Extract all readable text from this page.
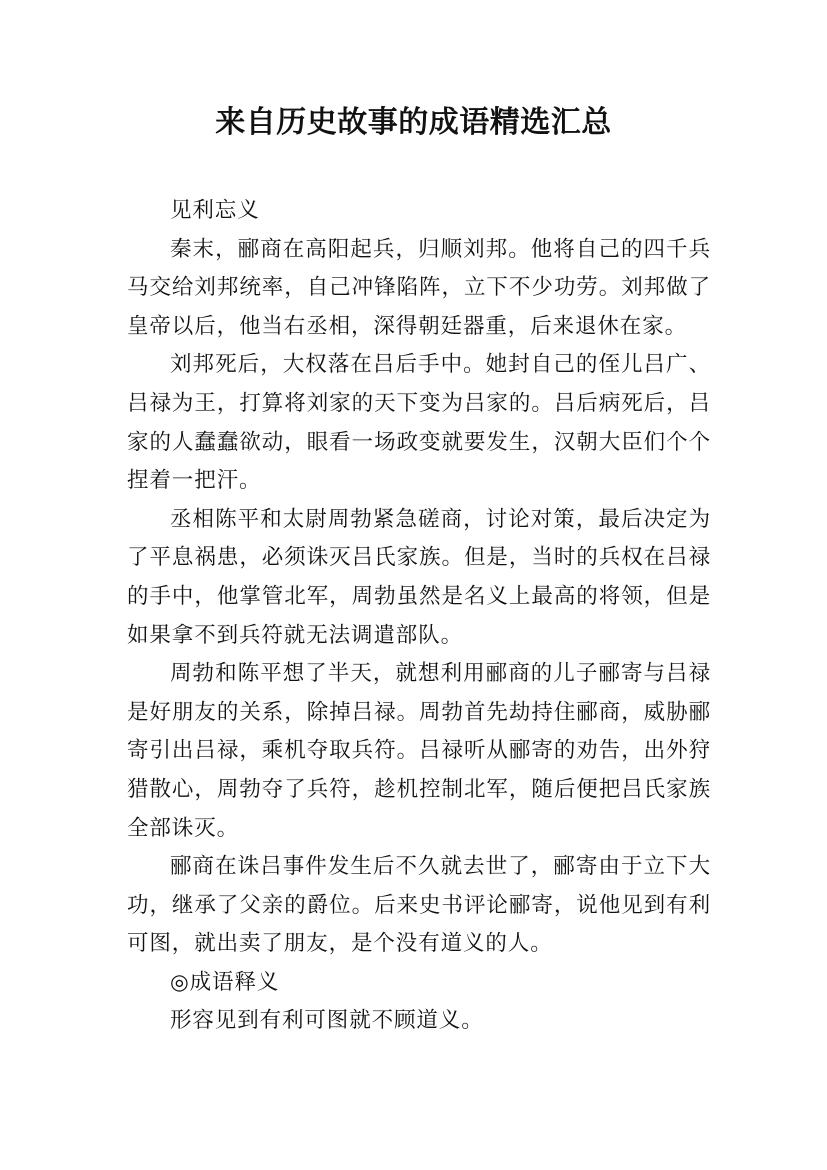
来自历史故事的成语精选汇总

见利忘义

秦末，郦商在高阳起兵，归顺刘邦。他将自己的四千兵马交给刘邦统率，自己冲锋陷阵，立下不少功劳。刘邦做了皇帝以后，他当右丞相，深得朝廷器重，后来退休在家。

刘邦死后，大权落在吕后手中。她封自己的侄儿吕广、吕禄为王，打算将刘家的天下变为吕家的。吕后病死后，吕家的人蠢蠢欲动，眼看一场政变就要发生，汉朝大臣们个个捏着一把汗。

丞相陈平和太尉周勃紧急磋商，讨论对策，最后决定为了平息祸患，必须诛灭吕氏家族。但是，当时的兵权在吕禄的手中，他掌管北军，周勃虽然是名义上最高的将领，但是如果拿不到兵符就无法调遣部队。

周勃和陈平想了半天，就想利用郦商的儿子郦寄与吕禄是好朋友的关系，除掉吕禄。周勃首先劫持住郦商，威胁郦寄引出吕禄，乘机夺取兵符。吕禄听从郦寄的劝告，出外狩猎散心，周勃夺了兵符，趁机控制北军，随后便把吕氏家族全部诛灭。

郦商在诛吕事件发生后不久就去世了，郦寄由于立下大功，继承了父亲的爵位。后来史书评论郦寄，说他见到有利可图，就出卖了朋友，是个没有道义的人。

◎成语释义

形容见到有利可图就不顾道义。
